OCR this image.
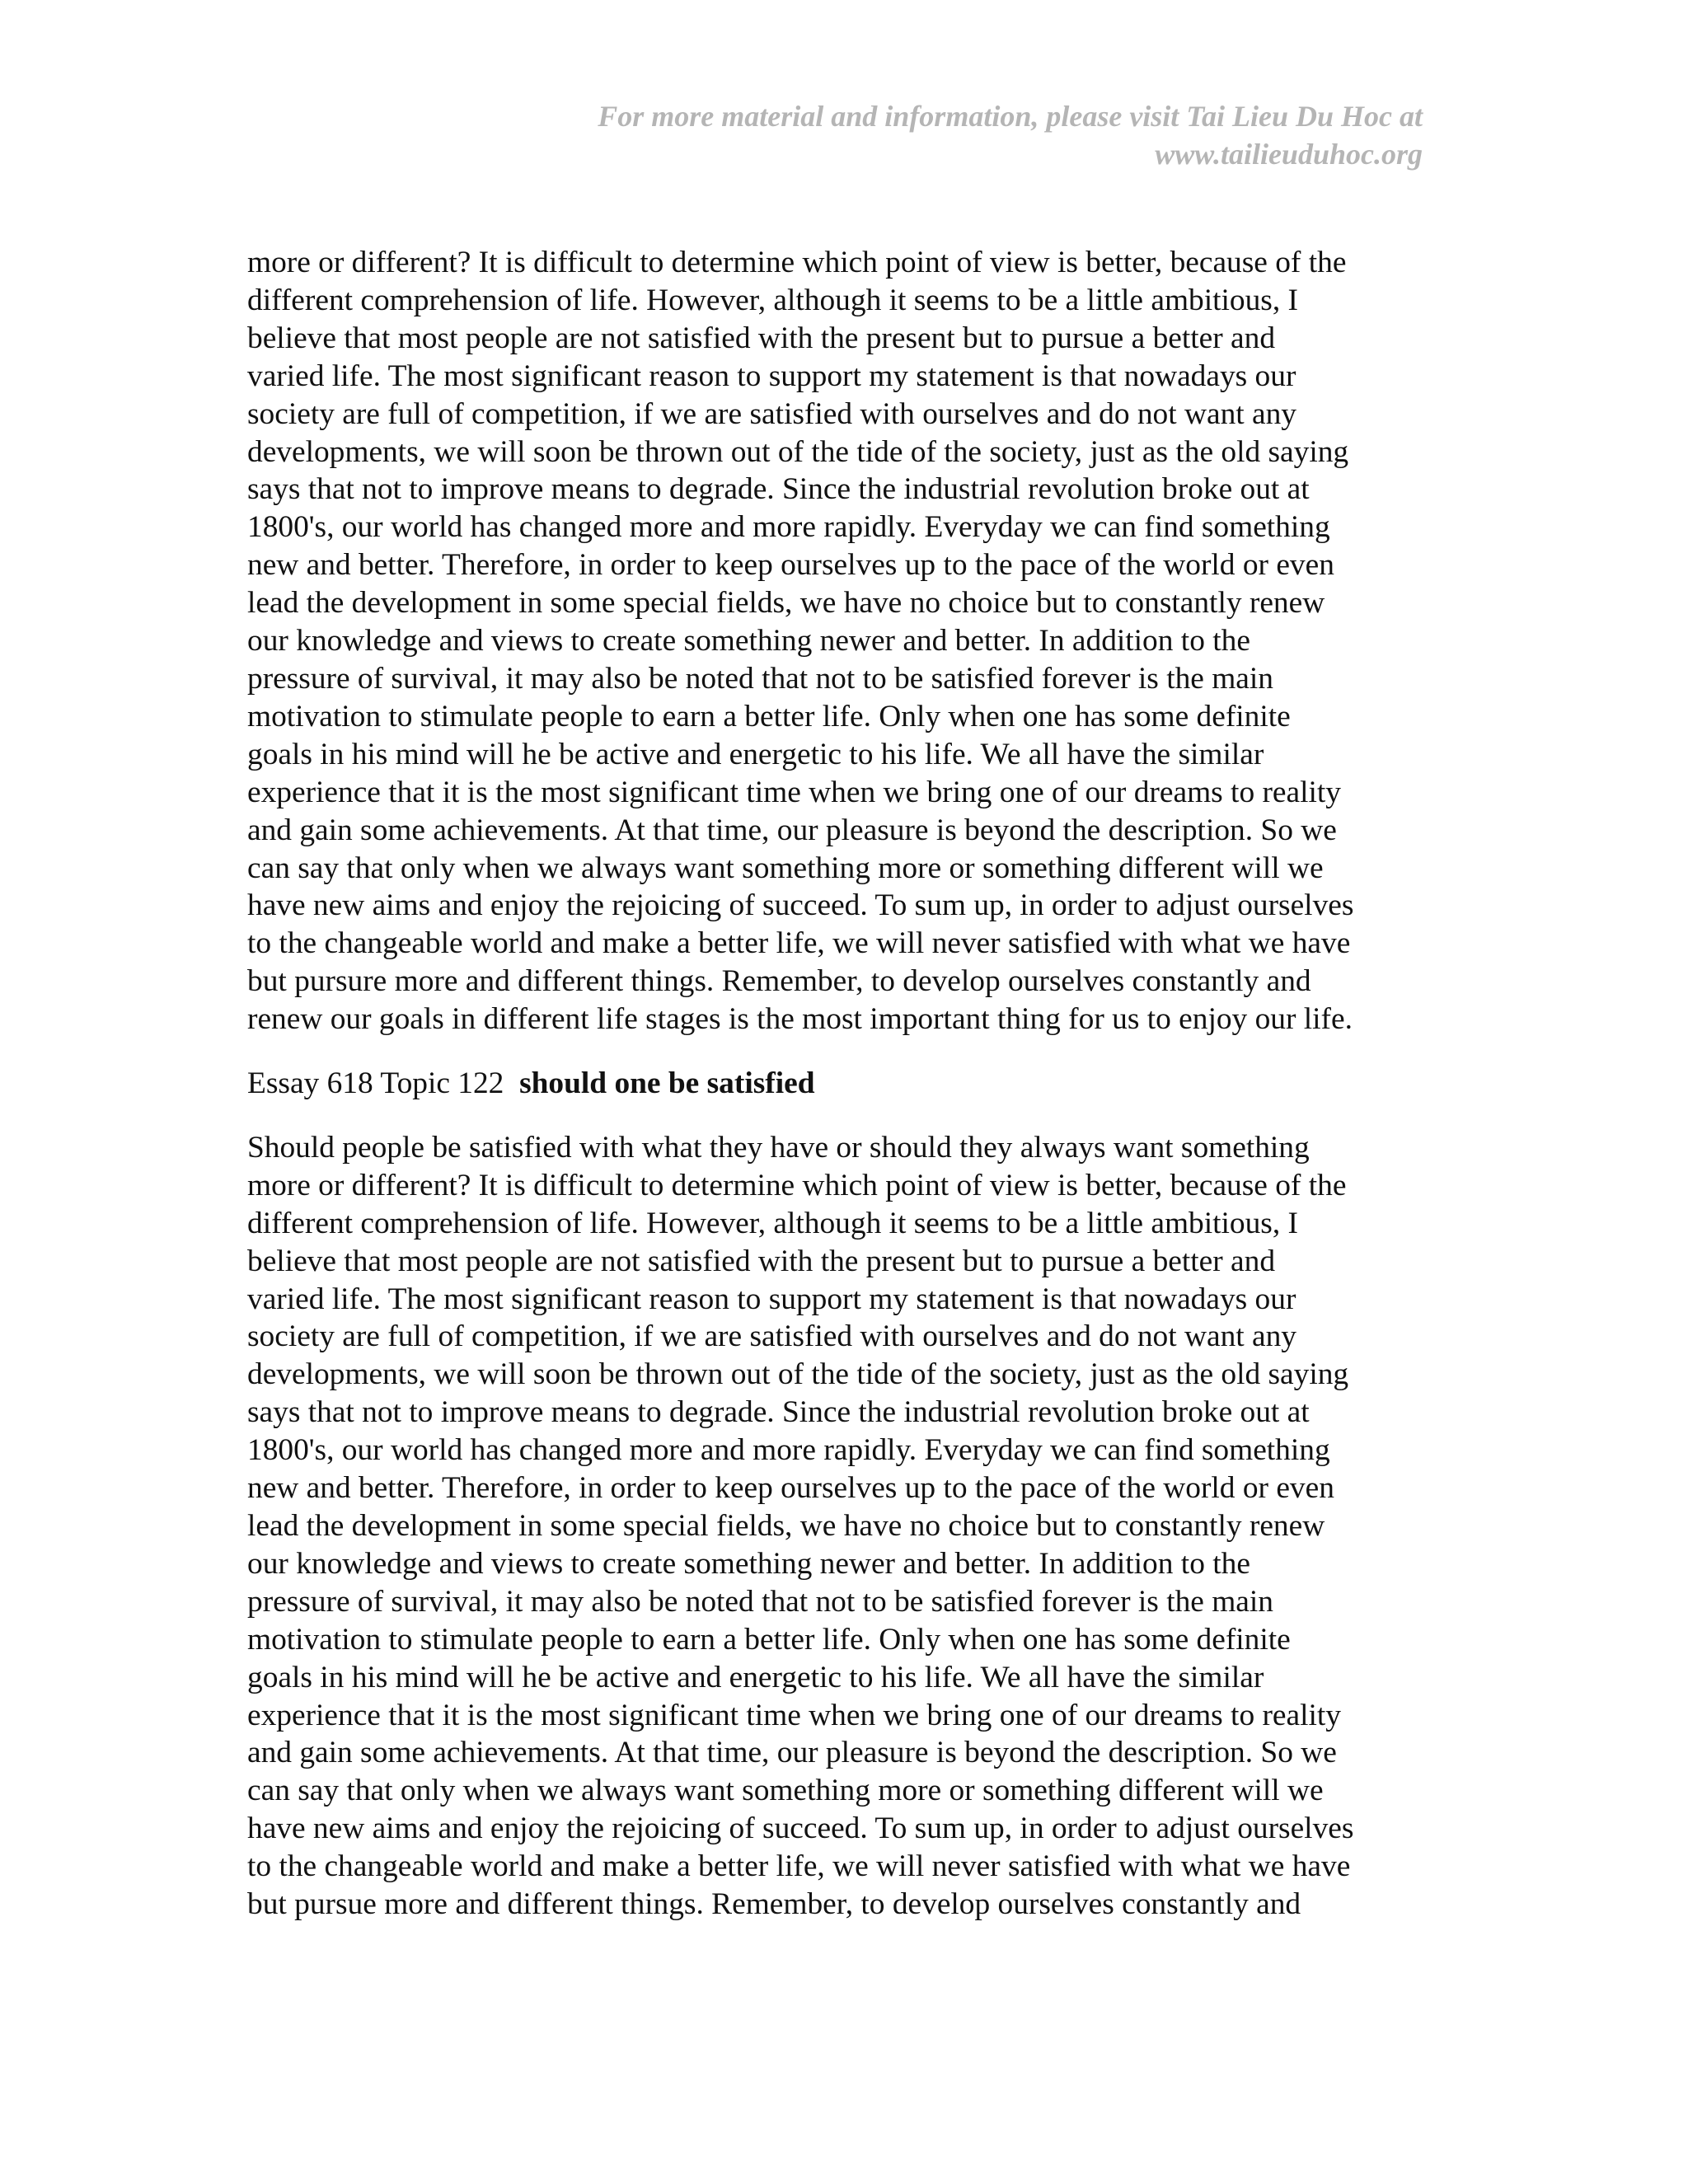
For more material and information, please visit Tai Lieu Du Hoc at
www.tailieuduhoc.org

more or different? It is difficult to determine which point of view is better, because of the
different comprehension of life. However, although it seems to be a little ambitious, I
believe that most people are not satisfied with the present but to pursue a better and
varied life. The most significant reason to support my statement is that nowadays our
society are full of competition, if we are satisfied with ourselves and do not want any
developments, we will soon be thrown out of the tide of the society, just as the old saying
says that not to improve means to degrade. Since the industrial revolution broke out at
1800's, our world has changed more and more rapidly. Everyday we can find something
new and better. Therefore, in order to keep ourselves up to the pace of the world or even
lead the development in some special fields, we have no choice but to constantly renew
our knowledge and views to create something newer and better. In addition to the
pressure of survival, it may also be noted that not to be satisfied forever is the main
motivation to stimulate people to earn a better life. Only when one has some definite
goals in his mind will he be active and energetic to his life. We all have the similar
experience that it is the most significant time when we bring one of our dreams to reality
and gain some achievements. At that time, our pleasure is beyond the description. So we
can say that only when we always want something more or something different will we
have new aims and enjoy the rejoicing of succeed. To sum up, in order to adjust ourselves
to the changeable world and make a better life, we will never satisfied with what we have
but pursure more and different things. Remember, to develop ourselves constantly and
renew our goals in different life stages is the most important thing for us to enjoy our life.

Essay 618 Topic 122 should one be satisfied

Should people be satisfied with what they have or should they always want something
more or different? It is difficult to determine which point of view is better, because of the
different comprehension of life. However, although it seems to be a little ambitious, I
believe that most people are not satisfied with the present but to pursue a better and
varied life. The most significant reason to support my statement is that nowadays our
society are full of competition, if we are satisfied with ourselves and do not want any
developments, we will soon be thrown out of the tide of the society, just as the old saying
says that not to improve means to degrade. Since the industrial revolution broke out at
1800's, our world has changed more and more rapidly. Everyday we can find something
new and better. Therefore, in order to keep ourselves up to the pace of the world or even
lead the development in some special fields, we have no choice but to constantly renew
our knowledge and views to create something newer and better. In addition to the
pressure of survival, it may also be noted that not to be satisfied forever is the main
motivation to stimulate people to earn a better life. Only when one has some definite
goals in his mind will he be active and energetic to his life. We all have the similar
experience that it is the most significant time when we bring one of our dreams to reality
and gain some achievements. At that time, our pleasure is beyond the description. So we
can say that only when we always want something more or something different will we
have new aims and enjoy the rejoicing of succeed. To sum up, in order to adjust ourselves
to the changeable world and make a better life, we will never satisfied with what we have
but pursue more and different things. Remember, to develop ourselves constantly and
